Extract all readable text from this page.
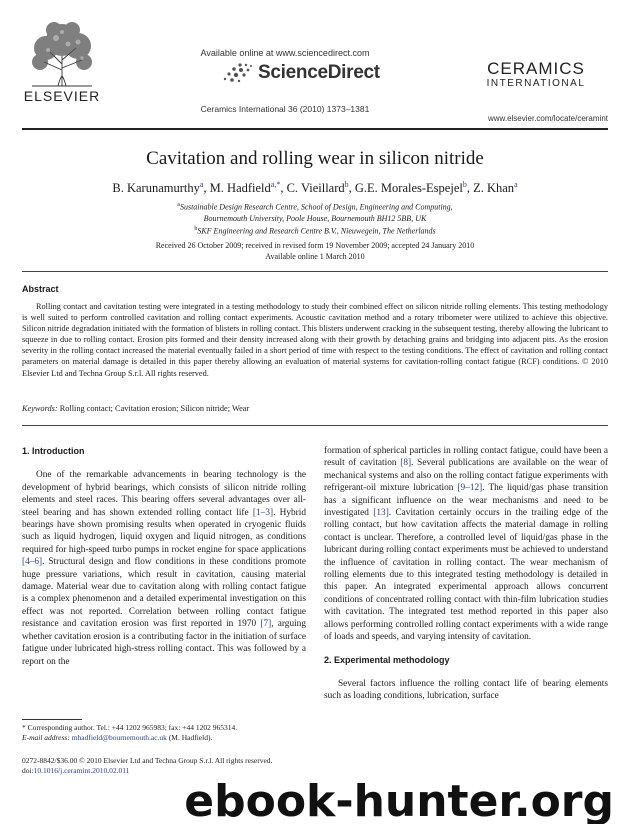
ELSEVIER
Available online at www.sciencedirect.com
ScienceDirect
Ceramics International 36 (2010) 1373–1381
CERAMICS
INTERNATIONAL
www.elsevier.com/locate/ceramint
Cavitation and rolling wear in silicon nitride
B. Karunamurthy$^a$, M. Hadfield$^{a,*}$, C. Vieillard$^b$, G.E. Morales-Espejel$^b$, Z. Khan$^a$
$^a$Sustainable Design Research Centre, School of Design, Engineering and Computing,
Bournemouth University, Poole House, Bournemouth BH12 5BB, UK
$^b$SKF Engineering and Research Centre B.V., Nieuwegein, The Netherlands
Received 26 October 2009; received in revised form 19 November 2009; accepted 24 January 2010
Available online 1 March 2010
Abstract
Rolling contact and cavitation testing were integrated in a testing methodology to study their combined effect on silicon nitride rolling elements. This testing methodology is well suited to perform controlled cavitation and rolling contact experiments. Acoustic cavitation method and a rotary tribometer were utilized to achieve this objective. Silicon nitride degradation initiated with the formation of blisters in rolling contact. This blisters underwent cracking in the subsequent testing, thereby allowing the lubricant to squeeze in due to rolling contact. Erosion pits formed and their density increased along with their growth by detaching grains and bridging into adjacent pits. As the erosion severity in the rolling contact increased the material eventually failed in a short period of time with respect to the testing conditions. The effect of cavitation and rolling contact parameters on material damage is detailed in this paper thereby allowing an evaluation of material systems for cavitation-rolling contact fatigue (RCF) conditions. © 2010 Elsevier Ltd and Techna Group S.r.l. All rights reserved.
Keywords: Rolling contact; Cavitation erosion; Silicon nitride; Wear
1. Introduction

One of the remarkable advancements in bearing technology is the development of hybrid bearings, which consists of silicon nitride rolling elements and steel races. This bearing offers several advantages over all-steel bearing and has shown extended rolling contact life [1–3]. Hybrid bearings have shown promising results when operated in cryogenic fluids such as liquid hydrogen, liquid oxygen and liquid nitrogen, as conditions required for high-speed turbo pumps in rocket engine for space applications [4–6]. Structural design and flow conditions in these conditions promote huge pressure variations, which result in cavitation, causing material damage. Material wear due to cavitation along with rolling contact fatigue is a complex phenomenon and a detailed experimental investigation on this effect was not reported. Correlation between rolling contact fatigue resistance and cavitation erosion was first reported in 1970 [7], arguing whether cavitation erosion is a contributing factor in the initiation of surface fatigue under lubricated high-stress rolling contact. This was followed by a report on the

formation of spherical particles in rolling contact fatigue, could have been a result of cavitation [8]. Several publications are available on the wear of mechanical systems and also on the rolling contact fatigue experiments with refrigerant-oil mixture lubrication [9–12]. The liquid/gas phase transition has a significant influence on the wear mechanisms and need to be investigated [13]. Cavitation certainly occurs in the trailing edge of the rolling contact, but how cavitation affects the material damage in rolling contact is unclear. Therefore, a controlled level of liquid/gas phase in the lubricant during rolling contact experiments must be achieved to understand the influence of cavitation in rolling contact. The wear mechanism of rolling elements due to this integrated testing methodology is detailed in this paper. An integrated experimental approach allows concurrent conditions of concentrated rolling contact with thin-film lubrication studies with cavitation. The integrated test method reported in this paper also allows performing controlled rolling contact experiments with a wide range of loads and speeds, and varying intensity of cavitation.

2. Experimental methodology

Several factors influence the rolling contact life of bearing elements such as loading conditions, lubrication, surface

* Corresponding author. Tel.: +44 1202 965983; fax: +44 1202 965314.
E-mail address: mhadfield@bournemouth.ac.uk (M. Hadfield).
0272-8842/$36.00 © 2010 Elsevier Ltd and Techna Group S.r.l. All rights reserved.
doi:10.1016/j.ceramint.2010.02.011
ebook-hunter.org
